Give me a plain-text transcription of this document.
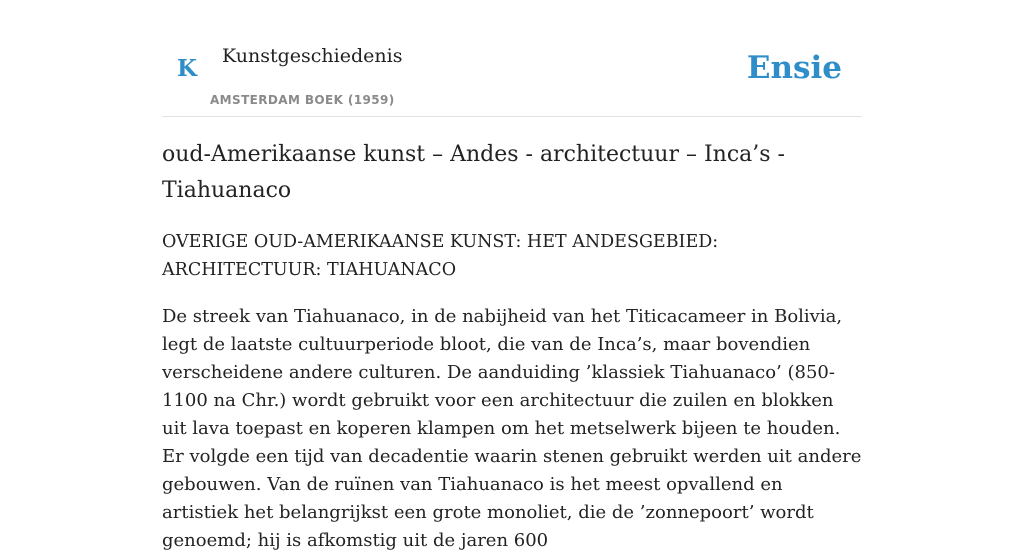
K Kunstgeschiedenis
AMSTERDAM BOEK (1959)
Ensie
oud-Amerikaanse kunst – Andes - architectuur – Inca’s - Tiahuanaco

OVERIGE OUD-AMERIKAANSE KUNST: HET ANDESGEBIED: ARCHITECTUUR: TIAHUANACO

De streek van Tiahuanaco, in de nabijheid van het Titicacameer in Bolivia, legt de laatste cultuurperiode bloot, die van de Inca’s, maar bovendien verscheidene andere culturen. De aanduiding ’klassiek Tiahuanaco’ (850-1100 na Chr.) wordt gebruikt voor een architectuur die zuilen en blokken uit lava toepast en koperen klampen om het metselwerk bijeen te houden. Er volgde een tijd van decadentie waarin stenen gebruikt werden uit andere gebouwen. Van de ruïnen van Tiahuanaco is het meest opvallend en artistiek het belangrijkst een grote monoliet, die de ’zonnepoort’ wordt genoemd; hij is afkomstig uit de jaren 600
